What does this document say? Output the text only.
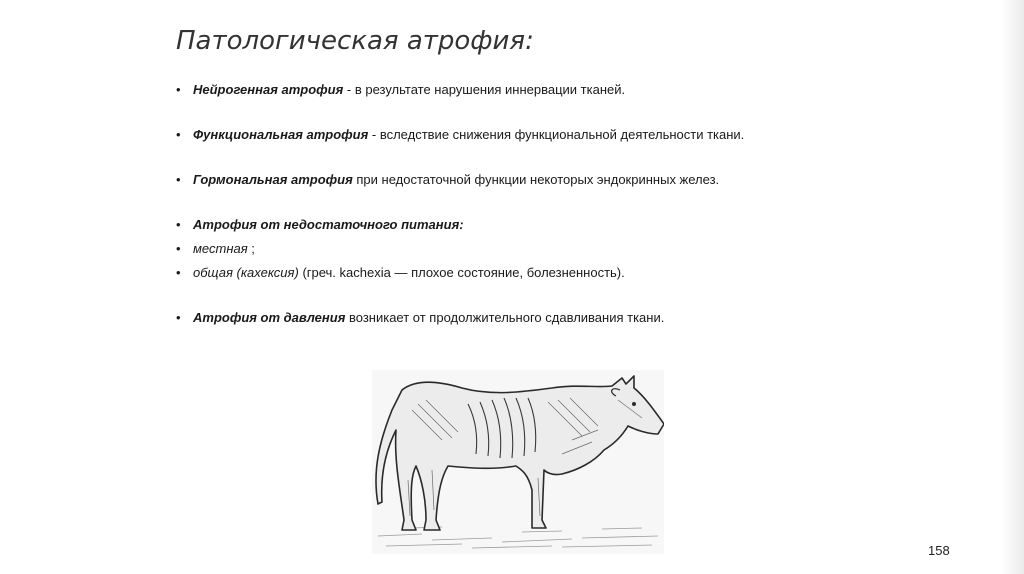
Патологическая атрофия:
• Нейрогенная атрофия - в результате нарушения иннервации тканей.
• Функциональная атрофия - вследствие снижения функциональной деятельности ткани.
• Гормональная атрофия при недостаточной функции некоторых эндокринных желез.
• Атрофия от недостаточного питания:
• местная ;
• общая (кахексия) (греч. kachexia — плохое состояние, болезненность).
• Атрофия от давления возникает от продолжительного сдавливания ткани.
158
